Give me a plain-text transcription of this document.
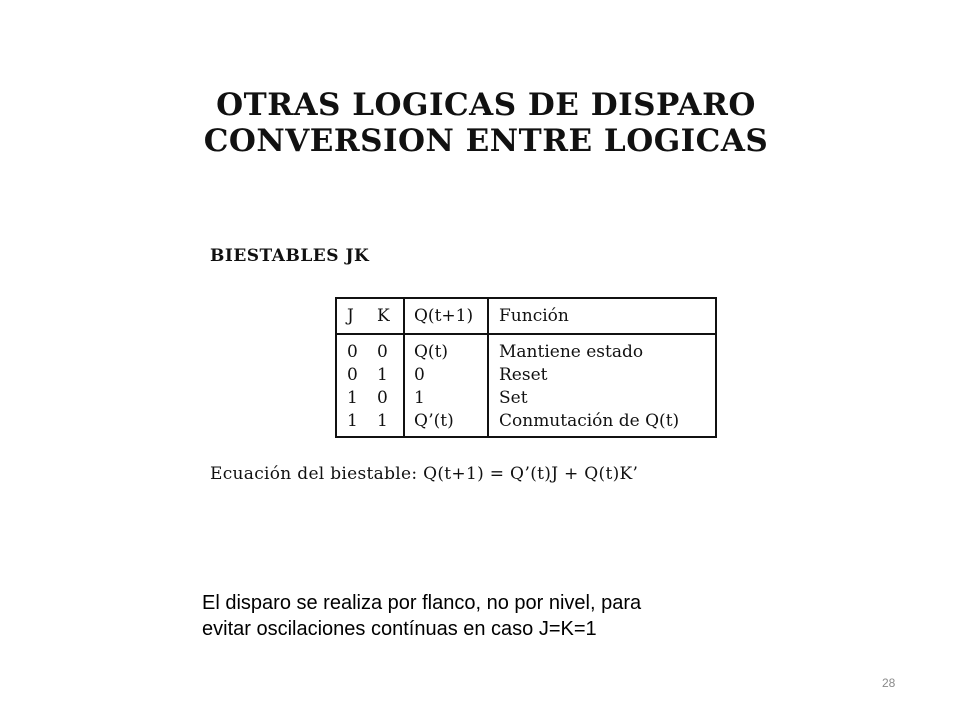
OTRAS LOGICAS DE DISPARO
CONVERSION ENTRE LOGICAS
BIESTABLES JK
J K Q(t+1) Función
0 0 Q(t)	Mantiene estado
0 1 0	Reset
1 0 1	Set
1 1 Q’(t)	Conmutación de Q(t)
Ecuación del biestable: Q(t+1) = Q’(t)J + Q(t)K’
El disparo se realiza por flanco, no por nivel, para
evitar oscilaciones contínuas en caso J=K=1
28
